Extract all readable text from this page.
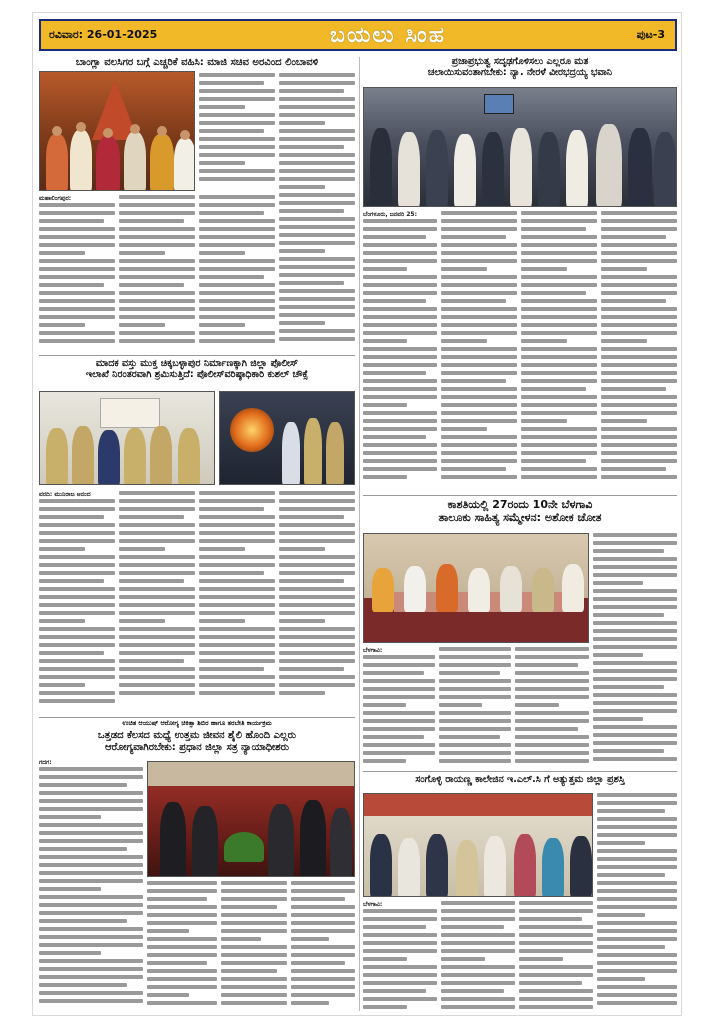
ರವಿವಾರ: 26-01-2025	ಬಯಲು ಸಿಂಹ	ಪುಟ-3
ಬಾಂಗ್ಲಾ ವಲಸಿಗರ ಬಗ್ಗೆ ಎಚ್ಚರಿಕೆ ವಹಿಸಿ: ಮಾಜಿ ಸಚಿವ ಅರವಿಂದ ಲಿಂಬಾವಳಿ
ಮಹಾಲಿಂಗಪುರ:
ಮಾದಕ ವಸ್ತು ಮುಕ್ತ ಚಿಕ್ಕಬಳ್ಳಾಪುರ ನಿರ್ಮಾಣಕ್ಕಾಗಿ ಜಿಲ್ಲಾ ಪೊಲೀಸ್
ಇಲಾಖೆ ನಿರಂತರವಾಗಿ ಶ್ರಮಿಸುತ್ತಿದೆ: ಪೊಲೀಸ್‌ವರಿಷ್ಠಾಧಿಕಾರಿ ಕುಶಲ್ ಚೌಕ್ಸೆ
ವರದಿ: ಮುನಿರಾಜ ಆನಂದ
ಉಚಿತ ಆಯುಷ್ ಆರೋಗ್ಯ ಚಿಕಿತ್ಸಾ ಶಿಬಿರ ಹಾಗೂ ತರಬೇತಿ ಕಾರ್ಯಕ್ರಮ
ಒತ್ತಡದ ಕೆಲಸದ ಮಧ್ಯೆ ಉತ್ತಮ ಜೀವನ ಶೈಲಿ ಹೊಂದಿ ಎಲ್ಲರು
ಆರೋಗ್ಯವಾಗಿರಬೇಕು: ಪ್ರಧಾನ ಜಿಲ್ಲಾ ಸತ್ರ ನ್ಯಾಯಾಧೀಶರು
ಗದಗ:
ಪ್ರಜಾಪ್ರಭುತ್ವ ಸದೃಢಗೊಳಿಸಲು ಎಲ್ಲರೂ ಮತ
ಚಲಾಯಿಸುವಂತಾಗಬೇಕು: ನ್ಯಾ. ನೇರಳೆ ವೀರಭದ್ರಯ್ಯ ಭವಾನಿ
ಬೆಂಗಳೂರು, ಜನವರಿ 25:
ಕಾಶತಿಯಲ್ಲಿ 27ರಂದು 10ನೇ ಬೆಳಗಾವಿ
ತಾಲೂಕು ಸಾಹಿತ್ಯ ಸಮ್ಮೇಳನ: ಅಶೋಕ ಚೋತ
ಬೆಳಗಾವಿ:
ಸಂಗೊಳ್ಳಿ ರಾಯಣ್ಣ ಕಾಲೇಜಿನ ಇ.ಎಲ್.ಸಿ ಗೆ ಅತ್ಯುತ್ತಮ ಜಿಲ್ಲಾ ಪ್ರಶಸ್ತಿ
ಬೆಳಗಾವಿ:
